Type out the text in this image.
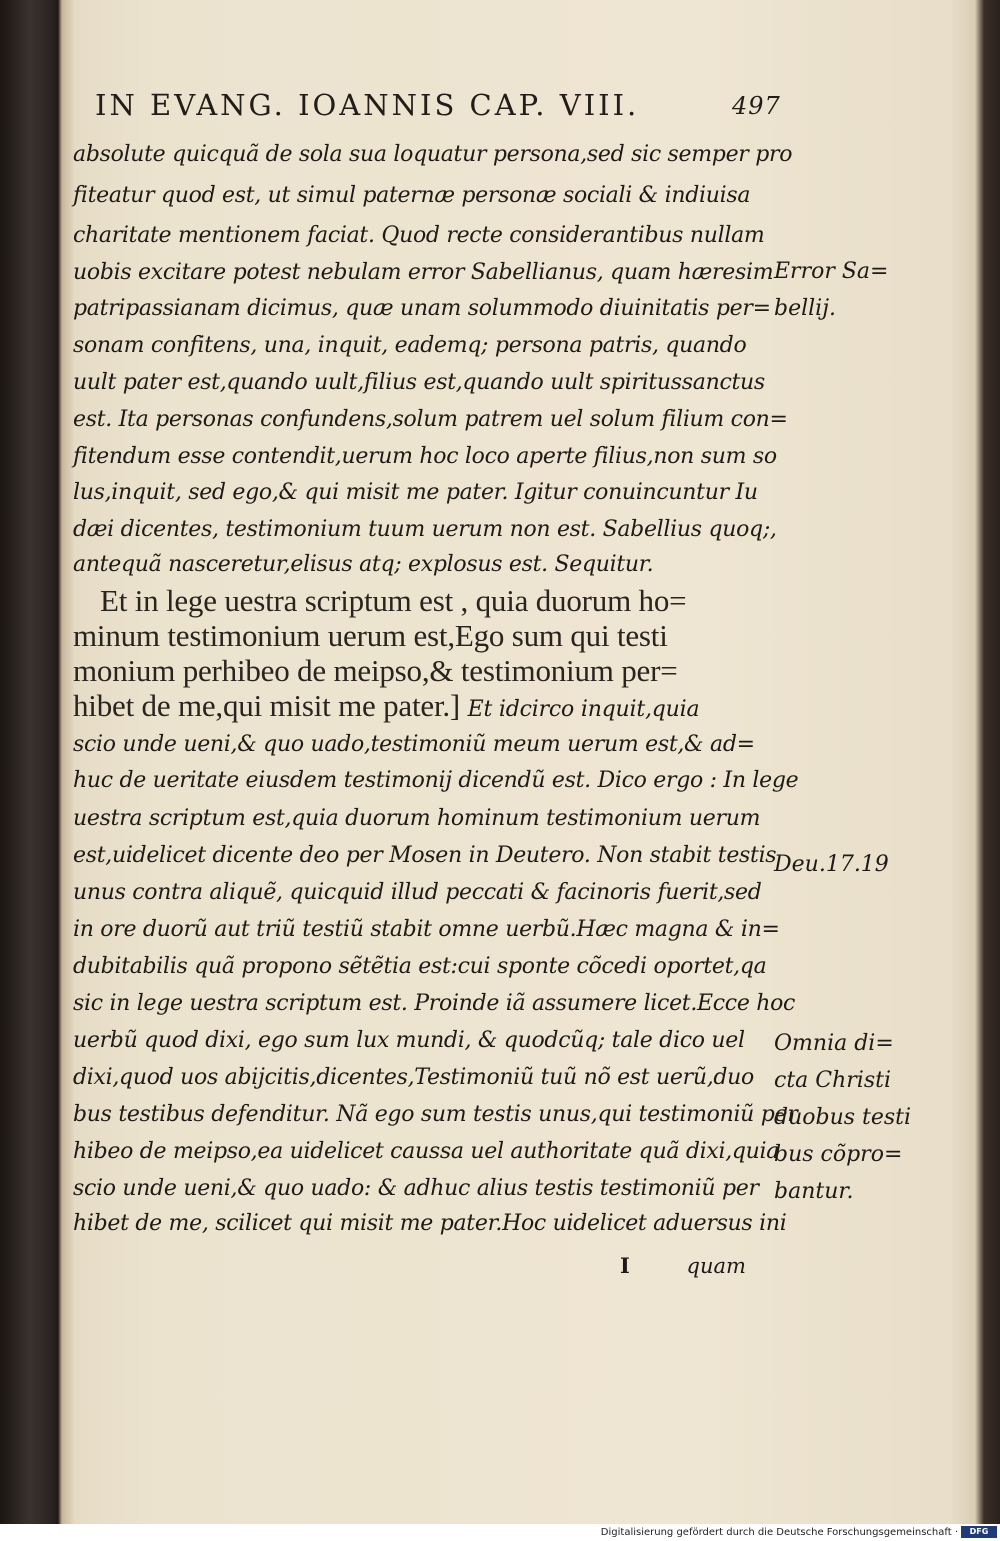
IN EVANG. IOANNIS CAP. VIII.	497
absolute quicquã de sola sua loquatur persona,sed sic semper pro
fiteatur quod est, ut simul paternæ personæ sociali & indiuisa
charitate mentionem faciat. Quod recte considerantibus nullam
uobis excitare potest nebulam error Sabellianus, quam hæresim
patripassianam dicimus, quæ unam solummodo diuinitatis per=
sonam confitens, una, inquit, eademq; persona patris, quando
uult pater est,quando uult,filius est,quando uult spiritussanctus
est. Ita personas confundens,solum patrem uel solum filium con=
fitendum esse contendit,uerum hoc loco aperte filius,non sum so
lus,inquit, sed ego,& qui misit me pater. Igitur conuincuntur Iu
dæi dicentes, testimonium tuum uerum non est. Sabellius quoq;,
antequã nasceretur,elisus atq; explosus est. Sequitur.
Et in lege uestra scriptum est , quia duorum ho=
minum testimonium uerum est,Ego sum qui testi
monium perhibeo de meipso,& testimonium per=
hibet de me,qui misit me pater.] Et idcirco inquit,quia
scio unde ueni,& quo uado,testimoniũ meum uerum est,& ad=
huc de ueritate eiusdem testimonij dicendũ est. Dico ergo : In lege
uestra scriptum est,quia duorum hominum testimonium uerum
est,uidelicet dicente deo per Mosen in Deutero. Non stabit testis
unus contra aliquẽ, quicquid illud peccati & facinoris fuerit,sed
in ore duorũ aut triũ testiũ stabit omne uerbũ.Hæc magna & in=
dubitabilis quã propono sẽtẽtia est:cui sponte cõcedi oportet,qa
sic in lege uestra scriptum est. Proinde iã assumere licet.Ecce hoc
uerbũ quod dixi, ego sum lux mundi, & quodcũq; tale dico uel
dixi,quod uos abijcitis,dicentes,Testimoniũ tuũ nõ est uerũ,duo
bus testibus defenditur. Nã ego sum testis unus,qui testimoniũ per
hibeo de meipso,ea uidelicet caussa uel authoritate quã dixi,quia
scio unde ueni,& quo uado: & adhuc alius testis testimoniũ per
hibet de me, scilicet qui misit me pater.Hoc uidelicet aduersus ini
Error Sa=
bellij.
Deu.17.19
Omnia di=
cta Christi
duobus testi
bus cõpro=
bantur.
I	quam
Digitalisierung gefördert durch die Deutsche Forschungsgemeinschaft ·	DFG
